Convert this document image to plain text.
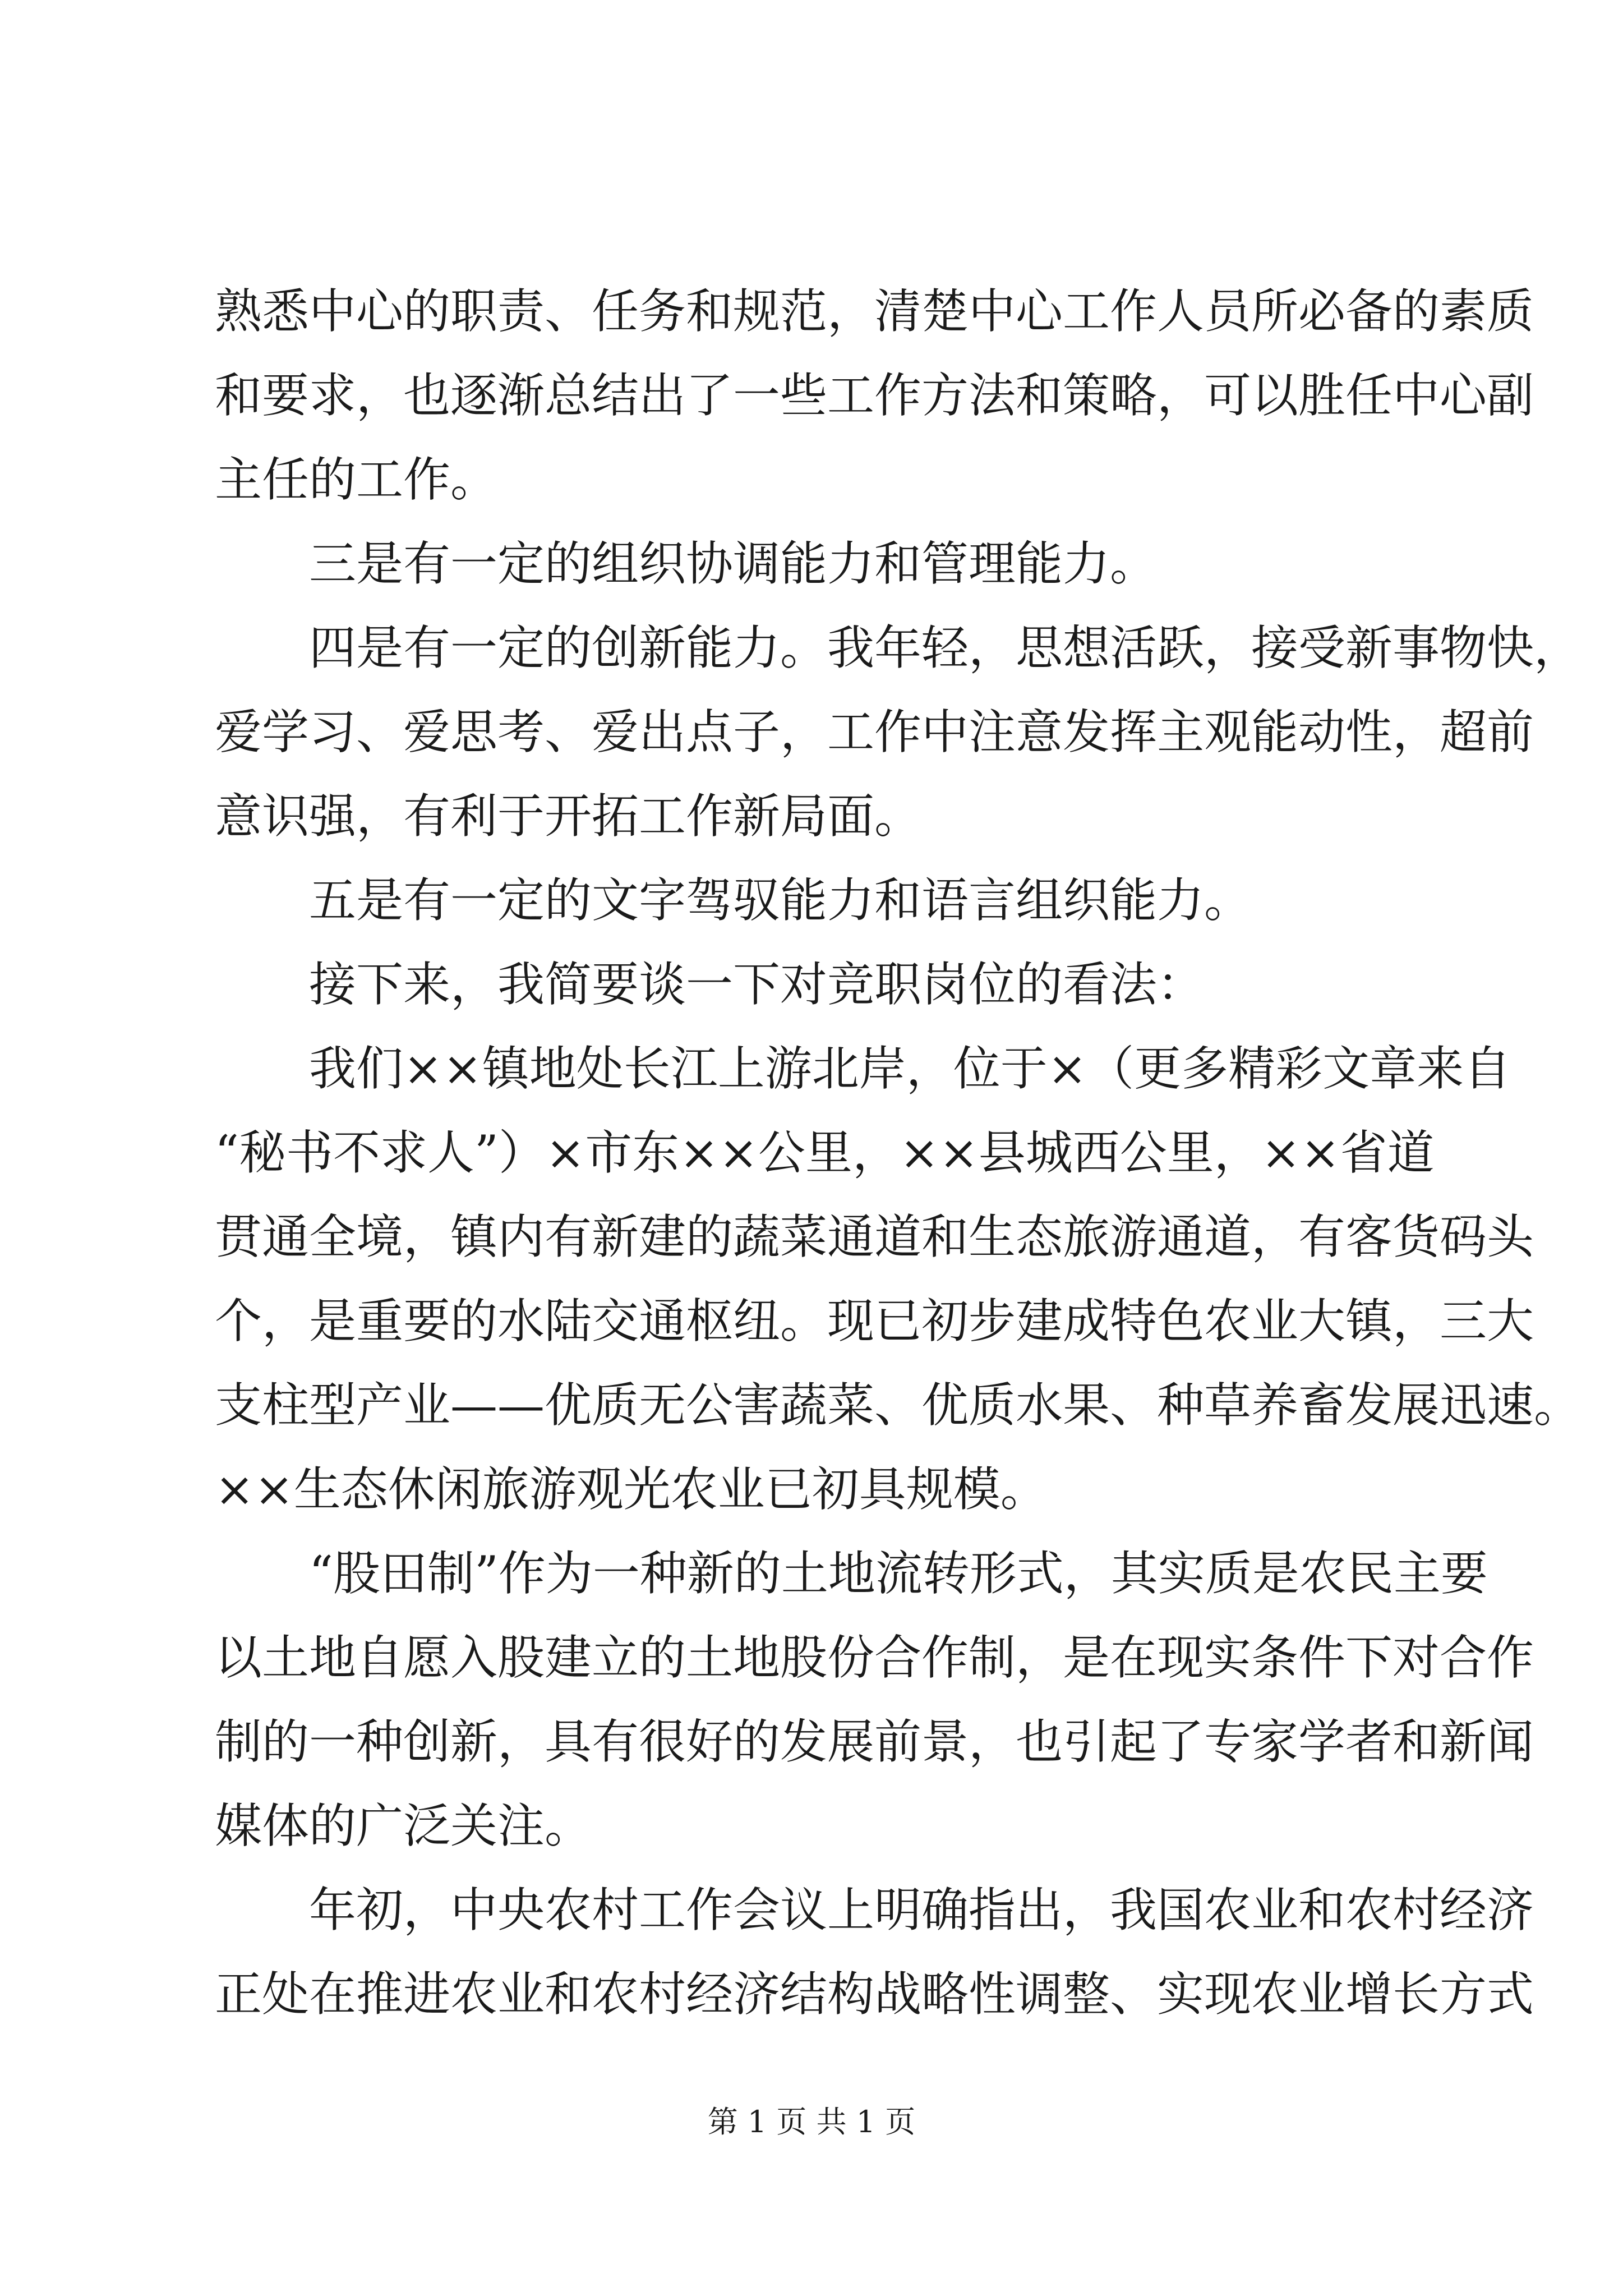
熟悉中心的职责、任务和规范，清楚中心工作人员所必备的素质
和要求，也逐渐总结出了一些工作方法和策略，可以胜任中心副
主任的工作。
三是有一定的组织协调能力和管理能力。
四是有一定的创新能力。我年轻，思想活跃，接受新事物快，
爱学习、爱思考、爱出点子，工作中注意发挥主观能动性，超前
意识强，有利于开拓工作新局面。
五是有一定的文字驾驭能力和语言组织能力。
接下来，我简要谈一下对竞职岗位的看法：
我们××镇地处长江上游北岸，位于×（更多精彩文章来自
“秘书不求人”）×市东××公里，××县城西公里，××省道
贯通全境，镇内有新建的蔬菜通道和生态旅游通道，有客货码头
个，是重要的水陆交通枢纽。现已初步建成特色农业大镇，三大
支柱型产业——优质无公害蔬菜、优质水果、种草养畜发展迅速。
××生态休闲旅游观光农业已初具规模。
“股田制”作为一种新的土地流转形式，其实质是农民主要
以土地自愿入股建立的土地股份合作制，是在现实条件下对合作
制的一种创新，具有很好的发展前景，也引起了专家学者和新闻
媒体的广泛关注。
年初，中央农村工作会议上明确指出，我国农业和农村经济
正处在推进农业和农村经济结构战略性调整、实现农业增长方式
第 1 页 共 1 页
